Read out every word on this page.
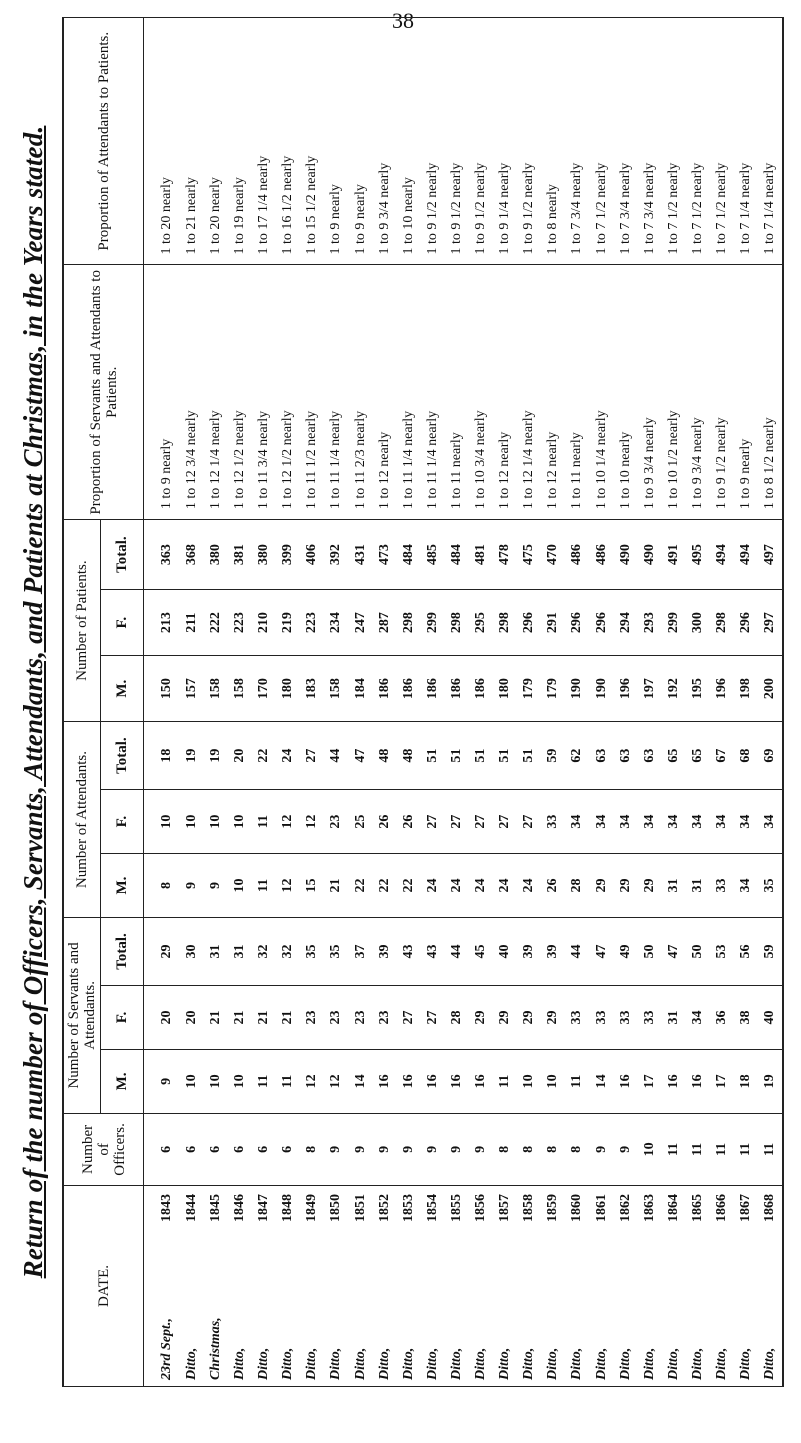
38
Return of the number of Officers, Servants, Attendants, and Patients at Christmas, in the Years stated.
DATE.	Number of Officers.	Number of Servants and Attendants.			Number of Attendants.			Number of Patients.			Proportion of Servants and Attendants to Patients.	Proportion of Attendants to Patients.
		M.	F.	Total.	M.	F.	Total.	M.	F.	Total.		

1843
23rd Sept.,	6	9	20	29	8	10	18	150	213	363	1 to 9 nearly	1 to 20 nearly

1844
Ditto,	6	10	20	30	9	10	19	157	211	368	1 to 12 3/4 nearly	1 to 21 nearly

1845
Christmas,	6	10	21	31	9	10	19	158	222	380	1 to 12 1/4 nearly	1 to 20 nearly

1846
Ditto,	6	10	21	31	10	10	20	158	223	381	1 to 12 1/2 nearly	1 to 19 nearly

1847
Ditto,	6	11	21	32	11	11	22	170	210	380	1 to 11 3/4 nearly	1 to 17 1/4 nearly

1848
Ditto,	6	11	21	32	12	12	24	180	219	399	1 to 12 1/2 nearly	1 to 16 1/2 nearly

1849
Ditto,	8	12	23	35	15	12	27	183	223	406	1 to 11 1/2 nearly	1 to 15 1/2 nearly

1850
Ditto,	9	12	23	35	21	23	44	158	234	392	1 to 11 1/4 nearly	1 to 9 nearly

1851
Ditto,	9	14	23	37	22	25	47	184	247	431	1 to 11 2/3 nearly	1 to 9 nearly

1852
Ditto,	9	16	23	39	22	26	48	186	287	473	1 to 12 nearly	1 to 9 3/4 nearly

1853
Ditto,	9	16	27	43	22	26	48	186	298	484	1 to 11 1/4 nearly	1 to 10 nearly

1854
Ditto,	9	16	27	43	24	27	51	186	299	485	1 to 11 1/4 nearly	1 to 9 1/2 nearly

1855
Ditto,	9	16	28	44	24	27	51	186	298	484	1 to 11 nearly	1 to 9 1/2 nearly

1856
Ditto,	9	16	29	45	24	27	51	186	295	481	1 to 10 3/4 nearly	1 to 9 1/2 nearly

1857
Ditto,	8	11	29	40	24	27	51	180	298	478	1 to 12 nearly	1 to 9 1/4 nearly

1858
Ditto,	8	10	29	39	24	27	51	179	296	475	1 to 12 1/4 nearly	1 to 9 1/2 nearly

1859
Ditto,	8	10	29	39	26	33	59	179	291	470	1 to 12 nearly	1 to 8 nearly

1860
Ditto,	8	11	33	44	28	34	62	190	296	486	1 to 11 nearly	1 to 7 3/4 nearly

1861
Ditto,	9	14	33	47	29	34	63	190	296	486	1 to 10 1/4 nearly	1 to 7 1/2 nearly

1862
Ditto,	9	16	33	49	29	34	63	196	294	490	1 to 10 nearly	1 to 7 3/4 nearly

1863
Ditto,	10	17	33	50	29	34	63	197	293	490	1 to 9 3/4 nearly	1 to 7 3/4 nearly

1864
Ditto,	11	16	31	47	31	34	65	192	299	491	1 to 10 1/2 nearly	1 to 7 1/2 nearly

1865
Ditto,	11	16	34	50	31	34	65	195	300	495	1 to 9 3/4 nearly	1 to 7 1/2 nearly

1866
Ditto,	11	17	36	53	33	34	67	196	298	494	1 to 9 1/2 nearly	1 to 7 1/2 nearly

1867
Ditto,	11	18	38	56	34	34	68	198	296	494	1 to 9 nearly	1 to 7 1/4 nearly

1868
Ditto,	11	19	40	59	35	34	69	200	297	497	1 to 8 1/2 nearly	1 to 7 1/4 nearly
